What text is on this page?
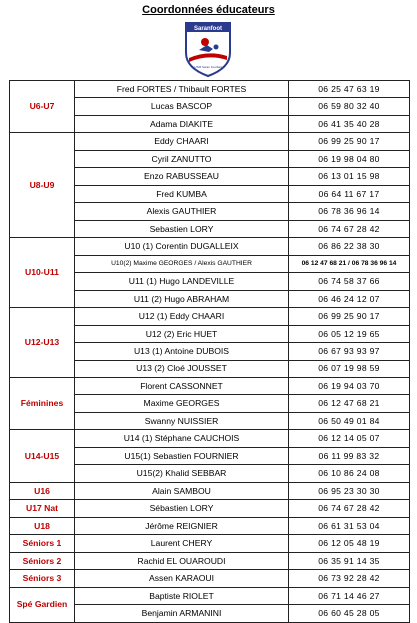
Coordonnées éducateurs
Saranfoot
USM Saran Football
U6-U7	Fred FORTES / Thibault FORTES	06 25 47 63 19
	Lucas BASCOP	06 59 80 32 40
	Adama DIAKITE	06 41 35 40 28
U8-U9	Eddy CHAARI	06 99 25 90 17
	Cyril ZANUTTO	06 19 98 04 80
	Enzo RABUSSEAU	06 13 01 15 98
	Fred KUMBA	06 64 11 67 17
	Alexis GAUTHIER	06 78 36 96 14
	Sebastien LORY	06 74 67 28 42
U10-U11	U10 (1) Corentin DUGALLEIX	06 86 22 38 30
	U10(2) Maxime GEORGES / Alexis GAUTHIER	06 12 47 68 21 / 06 78 36 96 14
	U11 (1) Hugo LANDEVILLE	06 74 58 37 66
	U11 (2) Hugo ABRAHAM	06 46 24 12 07
U12-U13	U12 (1) Eddy CHAARI	06 99 25 90 17
	U12 (2) Eric HUET	06 05 12 19 65
	U13 (1) Antoine DUBOIS	06 67 93 93 97
	U13 (2) Cloé JOUSSET	06 07 19 98 59
Féminines	Florent CASSONNET	06 19 94 03 70
	Maxime GEORGES	06 12 47 68 21
	Swanny NUISSIER	06 50 49 01 84
U14-U15	U14 (1) Stéphane CAUCHOIS	06 12 14 05 07
	U15(1) Sebastien FOURNIER	06 11 99 83 32
	U15(2) Khalid SEBBAR	06 10 86 24 08
U16	Alain SAMBOU	06 95 23 30 30
U17 Nat	Sébastien LORY	06 74 67 28 42
U18	Jérôme REIGNIER	06 61 31 53 04
Séniors 1	Laurent CHERY	06 12 05 48 19
Séniors 2	Rachid EL OUAROUDI	06 35 91 14 35
Séniors 3	Assen KARAOUI	06 73 92 28 42
Spé Gardien	Baptiste RIOLET	06 71 14 46 27
	Benjamin ARMANINI	06 60 45 28 05
